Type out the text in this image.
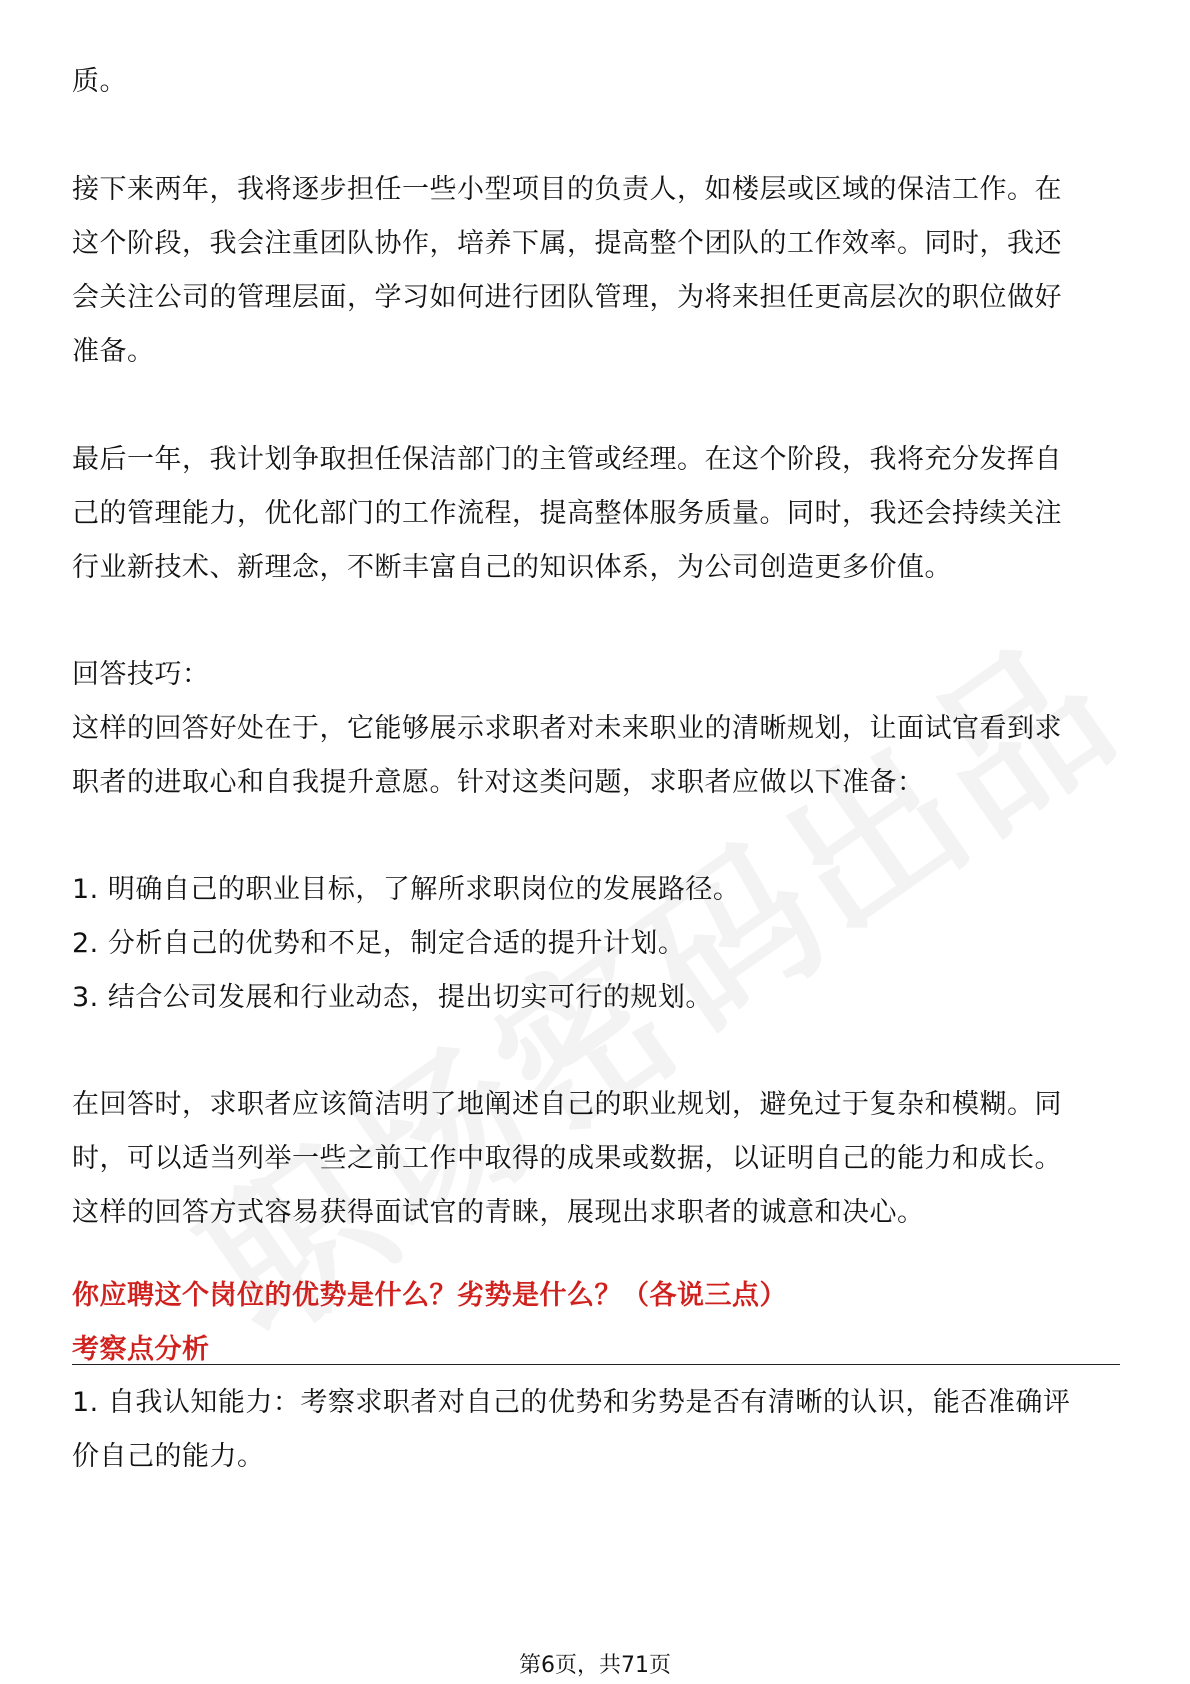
质。
接下来两年，我将逐步担任一些小型项目的负责人，如楼层或区域的保洁工作。在
这个阶段，我会注重团队协作，培养下属，提高整个团队的工作效率。同时，我还
会关注公司的管理层面，学习如何进行团队管理，为将来担任更高层次的职位做好
准备。
最后一年，我计划争取担任保洁部门的主管或经理。在这个阶段，我将充分发挥自
己的管理能力，优化部门的工作流程，提高整体服务质量。同时，我还会持续关注
行业新技术、新理念，不断丰富自己的知识体系，为公司创造更多价值。
回答技巧：
这样的回答好处在于，它能够展示求职者对未来职业的清晰规划，让面试官看到求
职者的进取心和自我提升意愿。针对这类问题，求职者应做以下准备：
1. 明确自己的职业目标，了解所求职岗位的发展路径。
2. 分析自己的优势和不足，制定合适的提升计划。
3. 结合公司发展和行业动态，提出切实可行的规划。
在回答时，求职者应该简洁明了地阐述自己的职业规划，避免过于复杂和模糊。同
时，可以适当列举一些之前工作中取得的成果或数据，以证明自己的能力和成长。
这样的回答方式容易获得面试官的青睐，展现出求职者的诚意和决心。
你应聘这个岗位的优势是什么？劣势是什么？（各说三点）
考察点分析
1. 自我认知能力：考察求职者对自己的优势和劣势是否有清晰的认识，能否准确评
价自己的能力。
第6页，共71页
